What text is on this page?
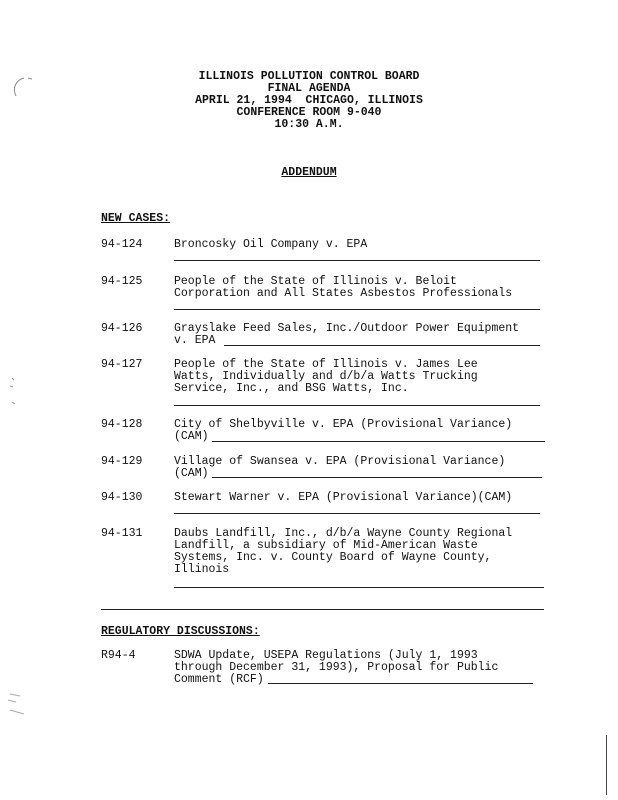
ILLINOIS POLLUTION CONTROL BOARD
FINAL AGENDA
APRIL 21, 1994  CHICAGO, ILLINOIS
CONFERENCE ROOM 9-040
10:30 A.M.
ADDENDUM
NEW CASES:
94-124	Broncosky Oil Company v. EPA
94-125	People of the State of Illinois v. Beloit
Corporation and All States Asbestos Professionals
94-126	Grayslake Feed Sales, Inc./Outdoor Power Equipment
v. EPA
94-127	People of the State of Illinois v. James Lee
Watts, Individually and d/b/a Watts Trucking
Service, Inc., and BSG Watts, Inc.
94-128	City of Shelbyville v. EPA (Provisional Variance)
(CAM)
94-129	Village of Swansea v. EPA (Provisional Variance)
(CAM)
94-130	Stewart Warner v. EPA (Provisional Variance)(CAM)
94-131	Daubs Landfill, Inc., d/b/a Wayne County Regional
Landfill, a subsidiary of Mid-American Waste
Systems, Inc. v. County Board of Wayne County,
Illinois
REGULATORY DISCUSSIONS:
R94-4	SDWA Update, USEPA Regulations (July 1, 1993
through December 31, 1993), Proposal for Public
Comment (RCF)
